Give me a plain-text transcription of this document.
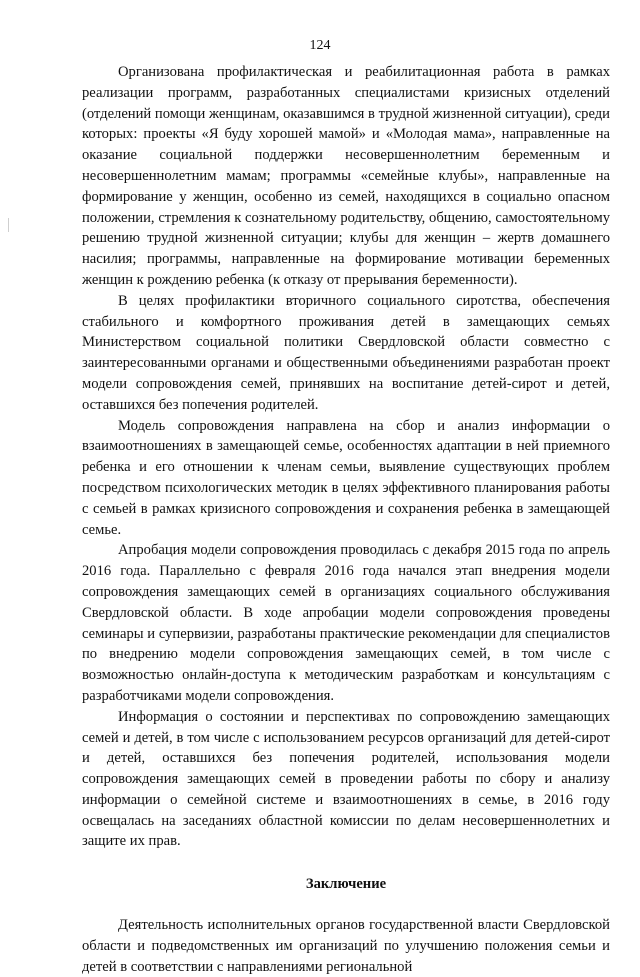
124

Организована профилактическая и реабилитационная работа в рамках реализации программ, разработанных специалистами кризисных отделений (отделений помощи женщинам, оказавшимся в трудной жизненной ситуации), среди которых: проекты «Я буду хорошей мамой» и «Молодая мама», направленные на оказание социальной поддержки несовершеннолетним беременным и несовершеннолетним мамам; программы «семейные клубы», направленные на формирование у женщин, особенно из семей, находящихся в социально опасном положении, стремления к сознательному родительству, общению, самостоятельному решению трудной жизненной ситуации; клубы для женщин – жертв домашнего насилия; программы, направленные на формирование мотивации беременных женщин к рождению ребенка (к отказу от прерывания беременности).

В целях профилактики вторичного социального сиротства, обеспечения стабильного и комфортного проживания детей в замещающих семьях Министерством социальной политики Свердловской области совместно с заинтересованными органами и общественными объединениями разработан проект модели сопровождения семей, принявших на воспитание детей-сирот и детей, оставшихся без попечения родителей.

Модель сопровождения направлена на сбор и анализ информации о взаимоотношениях в замещающей семье, особенностях адаптации в ней приемного ребенка и его отношении к членам семьи, выявление существующих проблем посредством психологических методик в целях эффективного планирования работы с семьей в рамках кризисного сопровождения и сохранения ребенка в замещающей семье.

Апробация модели сопровождения проводилась с декабря 2015 года по апрель 2016 года. Параллельно с февраля 2016 года начался этап внедрения модели сопровождения замещающих семей в организациях социального обслуживания Свердловской области. В ходе апробации модели сопровождения проведены семинары и супервизии, разработаны практические рекомендации для специалистов по внедрению модели сопровождения замещающих семей, в том числе с возможностью онлайн-доступа к методическим разработкам и консультациям с разработчиками модели сопровождения.

Информация о состоянии и перспективах по сопровождению замещающих семей и детей, в том числе с использованием ресурсов организаций для детей-сирот и детей, оставшихся без попечения родителей, использования модели сопровождения замещающих семей в проведении работы по сбору и анализу информации о семейной системе и взаимоотношениях в семье, в 2016 году освещалась на заседаниях областной комиссии по делам несовершеннолетних и защите их прав.

Заключение

Деятельность исполнительных органов государственной власти Свердловской области и подведомственных им организаций по улучшению положения семьи и детей в соответствии с направлениями региональной
